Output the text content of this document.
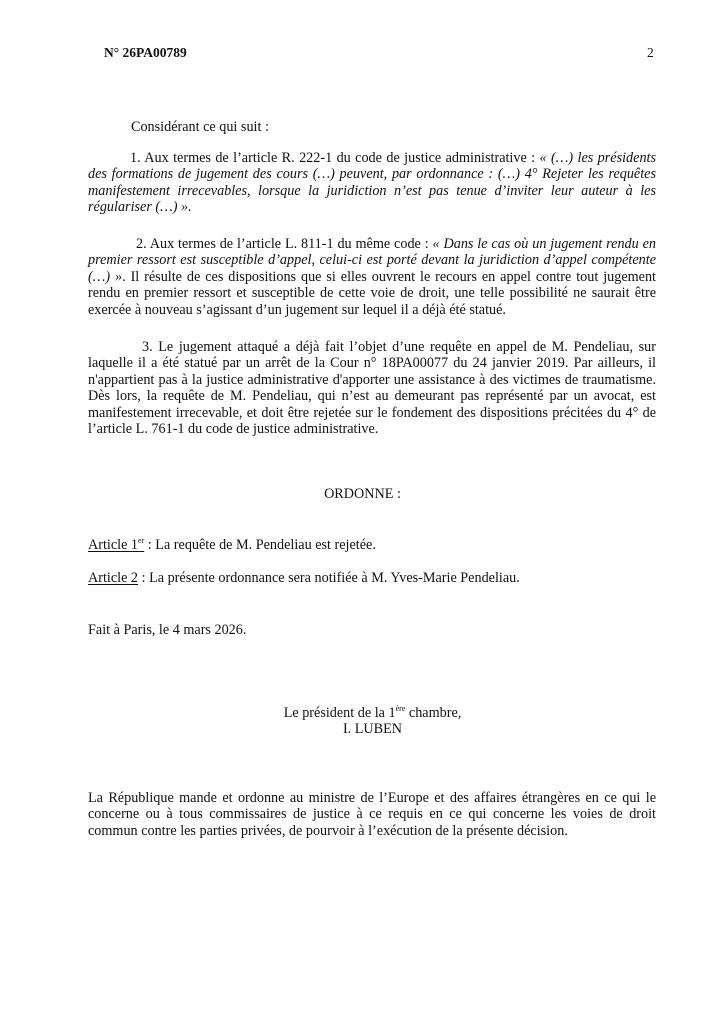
N° 26PA00789	2
Considérant ce qui suit :
1. Aux termes de l’article R. 222-1 du code de justice administrative : « (…) les présidents des formations de jugement des cours (…) peuvent, par ordonnance : (…) 4° Rejeter les requêtes manifestement irrecevables, lorsque la juridiction n’est pas tenue d’inviter leur auteur à les régulariser (…) ».
2. Aux termes de l’article L. 811-1 du même code : « Dans le cas où un jugement rendu en premier ressort est susceptible d’appel, celui-ci est porté devant la juridiction d’appel compétente (…) ». Il résulte de ces dispositions que si elles ouvrent le recours en appel contre tout jugement rendu en premier ressort et susceptible de cette voie de droit, une telle possibilité ne saurait être exercée à nouveau s’agissant d’un jugement sur lequel il a déjà été statué.
3. Le jugement attaqué a déjà fait l’objet d’une requête en appel de M. Pendeliau, sur laquelle il a été statué par un arrêt de la Cour n° 18PA00077 du 24 janvier 2019. Par ailleurs, il n'appartient pas à la justice administrative d'apporter une assistance à des victimes de traumatisme. Dès lors, la requête de M. Pendeliau, qui n’est au demeurant pas représenté par un avocat, est manifestement irrecevable, et doit être rejetée sur le fondement des dispositions précitées du 4° de l’article L. 761-1 du code de justice administrative.
ORDONNE :
Article 1er : La requête de M. Pendeliau est rejetée.
Article 2 : La présente ordonnance sera notifiée à M. Yves-Marie Pendeliau.
Fait à Paris, le 4 mars 2026.
Le président de la 1ère chambre,
I. LUBEN
La République mande et ordonne au ministre de l’Europe et des affaires étrangères en ce qui le concerne ou à tous commissaires de justice à ce requis en ce qui concerne les voies de droit commun contre les parties privées, de pourvoir à l’exécution de la présente décision.
